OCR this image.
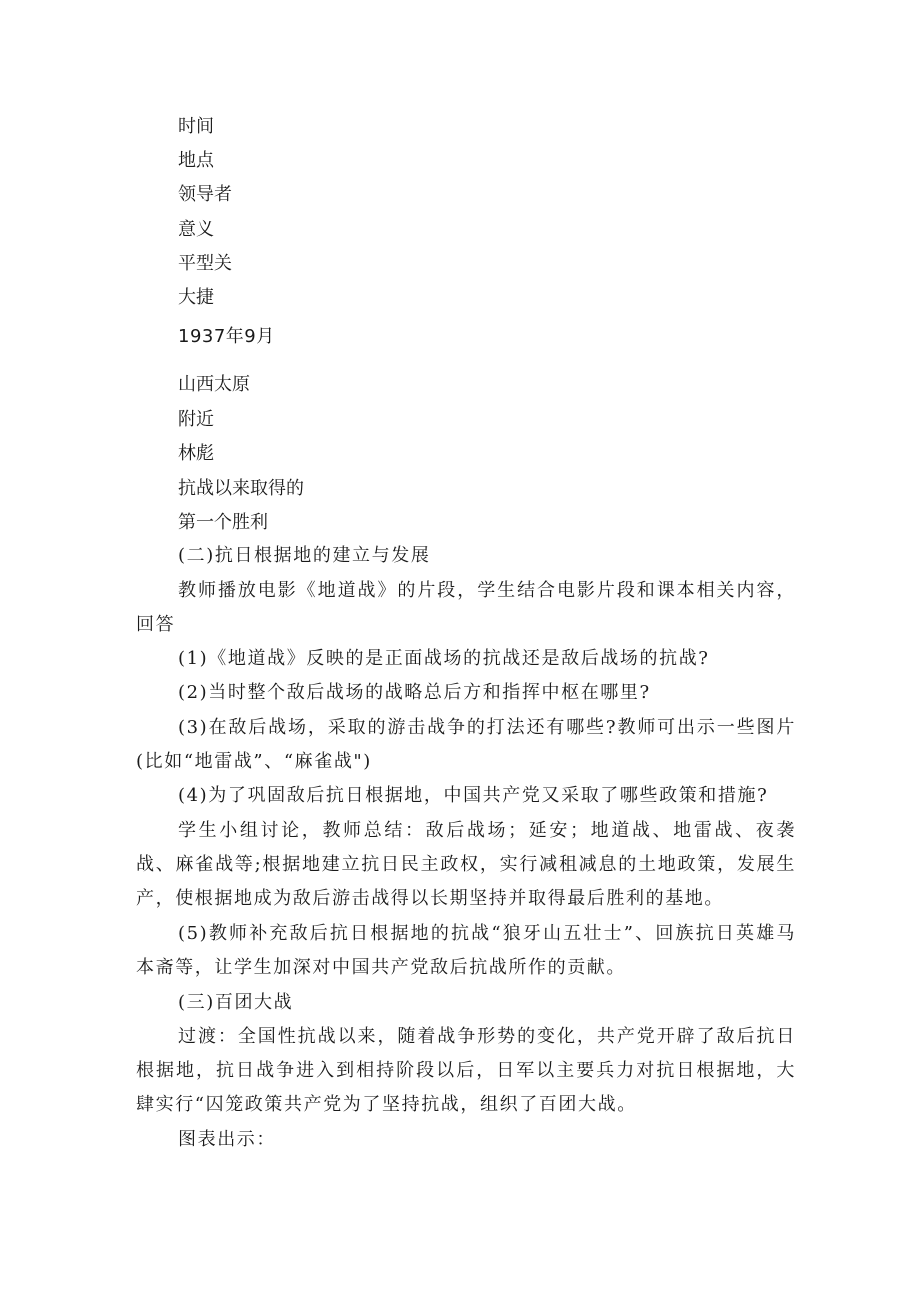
时间
地点
领导者
意义
平型关
大捷
1937年9月
山西太原
附近
林彪
抗战以来取得的
第一个胜利
(二)抗日根据地的建立与发展
教师播放电影《地道战》的片段，学生结合电影片段和课本相关内容，回答
(1)《地道战》反映的是正面战场的抗战还是敌后战场的抗战?
(2)当时整个敌后战场的战略总后方和指挥中枢在哪里?
(3)在敌后战场，采取的游击战争的打法还有哪些?教师可出示一些图片(比如“地雷战”、“麻雀战")
(4)为了巩固敌后抗日根据地，中国共产党又采取了哪些政策和措施?
学生小组讨论，教师总结：敌后战场；延安；地道战、地雷战、夜袭战、麻雀战等;根据地建立抗日民主政权，实行减租减息的土地政策，发展生产，使根据地成为敌后游击战得以长期坚持并取得最后胜利的基地。
(5)教师补充敌后抗日根据地的抗战“狼牙山五壮士”、回族抗日英雄马本斋等，让学生加深对中国共产党敌后抗战所作的贡献。
(三)百团大战
过渡：全国性抗战以来，随着战争形势的变化，共产党开辟了敌后抗日根据地，抗日战争进入到相持阶段以后，日军以主要兵力对抗日根据地，大肆实行“囚笼政策共产党为了坚持抗战，组织了百团大战。
图表出示：
